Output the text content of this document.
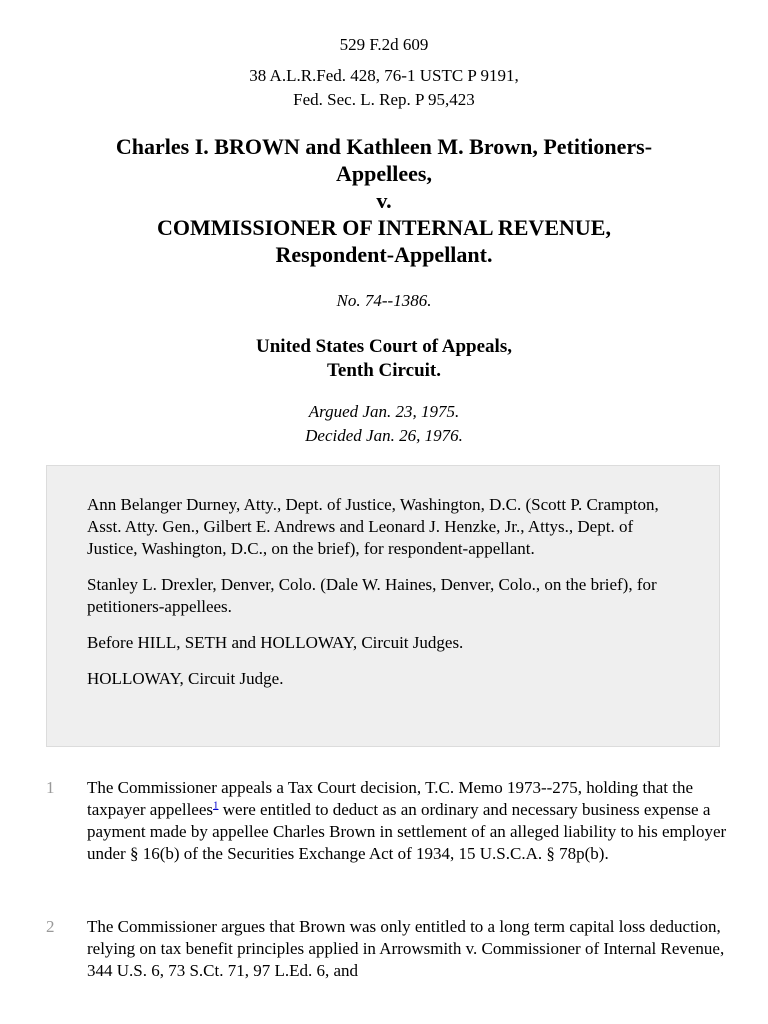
529 F.2d 609
38 A.L.R.Fed. 428, 76-1 USTC P 9191,
Fed. Sec. L. Rep. P 95,423
Charles I. BROWN and Kathleen M. Brown, Petitioners-
Appellees,
v.
COMMISSIONER OF INTERNAL REVENUE,
Respondent-Appellant.
No. 74--1386.
United States Court of Appeals,
Tenth Circuit.
Argued Jan. 23, 1975.
Decided Jan. 26, 1976.

Ann Belanger Durney, Atty., Dept. of Justice, Washington, D.C. (Scott P. Crampton, Asst. Atty. Gen., Gilbert E. Andrews and Leonard J. Henzke, Jr., Attys., Dept. of Justice, Washington, D.C., on the brief), for respondent-appellant.

Stanley L. Drexler, Denver, Colo. (Dale W. Haines, Denver, Colo., on the brief), for petitioners-appellees.

Before HILL, SETH and HOLLOWAY, Circuit Judges.

HOLLOWAY, Circuit Judge.

1 The Commissioner appeals a Tax Court decision, T.C. Memo 1973--275, holding that the taxpayer appellees$^1$ were entitled to deduct as an ordinary and necessary business expense a payment made by appellee Charles Brown in settlement of an alleged liability to his employer under § 16(b) of the Securities Exchange Act of 1934, 15 U.S.C.A. § 78p(b).
2 The Commissioner argues that Brown was only entitled to a long term capital loss deduction, relying on tax benefit principles applied in Arrowsmith v. Commissioner of Internal Revenue, 344 U.S. 6, 73 S.Ct. 71, 97 L.Ed. 6, and
